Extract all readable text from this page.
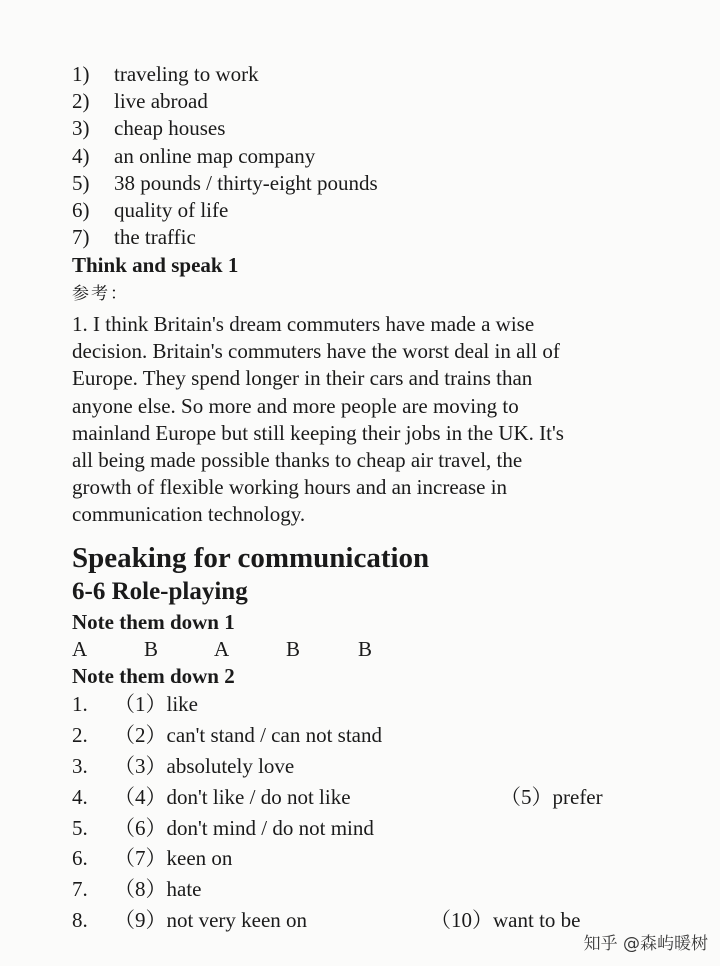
1) traveling to work
2) live abroad
3) cheap houses
4) an online map company
5) 38 pounds / thirty-eight pounds
6) quality of life
7) the traffic
Think and speak 1
参考：
1. I think Britain's dream commuters have made a wise
decision. Britain's commuters have the worst deal in all of
Europe. They spend longer in their cars and trains than
anyone else. So more and more people are moving to
mainland Europe but still keeping their jobs in the UK. It's
all being made possible thanks to cheap air travel, the
growth of flexible working hours and an increase in
communication technology.
Speaking for communication
6-6 Role-playing
Note them down 1
A	B	A	B	B
Note them down 2
1. （1）like
2. （2）can't stand / can not stand
3. （3）absolutely love
4. （4）don't like / do not like	（5）prefer
5. （6）don't mind / do not mind
6. （7）keen on
7. （8）hate
8. （9）not very keen on	（10）want to be
知乎 @森屿暖树
